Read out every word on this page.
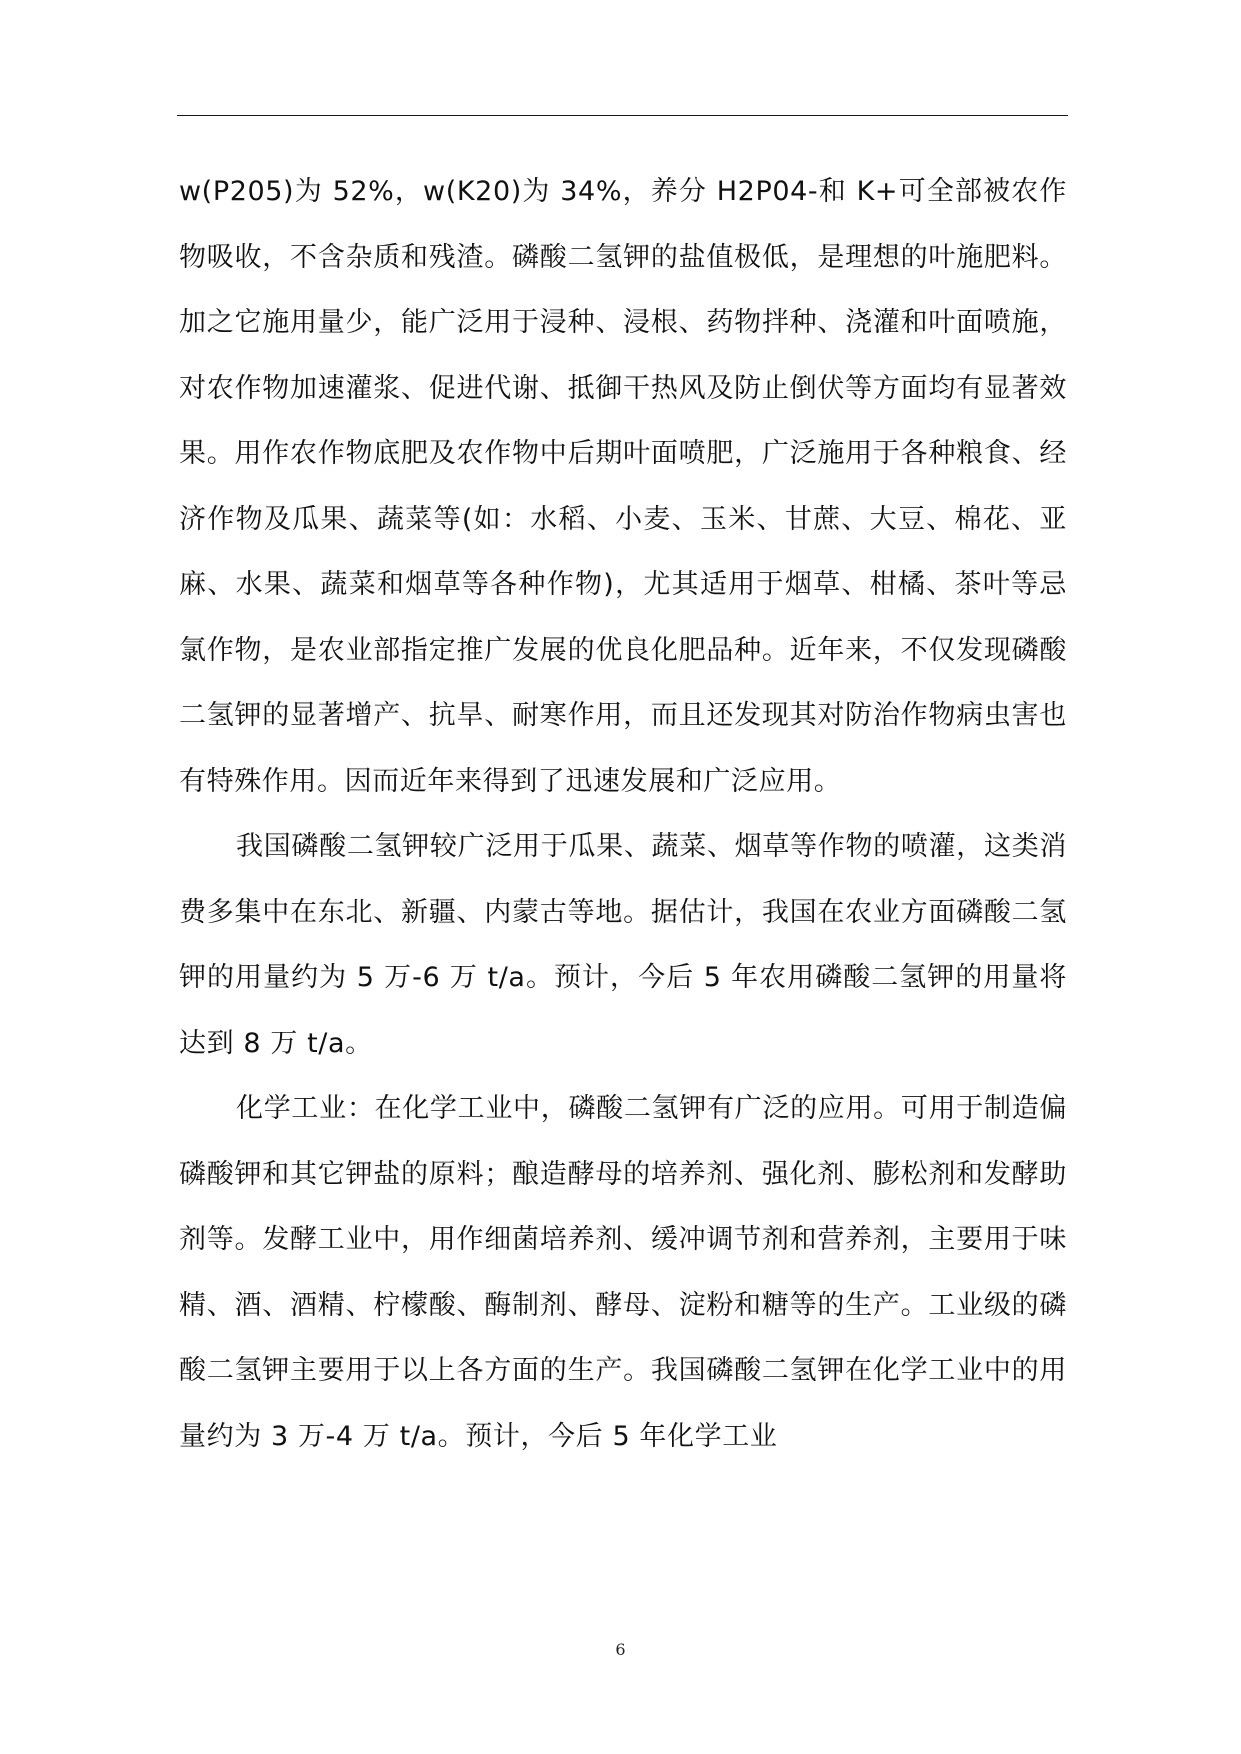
w(P205)为 52%，w(K20)为 34%，养分 H2P04-和 K+可全部被农作物吸收，不含杂质和残渣。磷酸二氢钾的盐值极低，是理想的叶施肥料。加之它施用量少，能广泛用于浸种、浸根、药物拌种、浇灌和叶面喷施，对农作物加速灌浆、促进代谢、抵御干热风及防止倒伏等方面均有显著效果。用作农作物底肥及农作物中后期叶面喷肥，广泛施用于各种粮食、经济作物及瓜果、蔬菜等(如：水稻、小麦、玉米、甘蔗、大豆、棉花、亚麻、水果、蔬菜和烟草等各种作物)，尤其适用于烟草、柑橘、茶叶等忌氯作物，是农业部指定推广发展的优良化肥品种。近年来，不仅发现磷酸二氢钾的显著增产、抗旱、耐寒作用，而且还发现其对防治作物病虫害也有特殊作用。因而近年来得到了迅速发展和广泛应用。

我国磷酸二氢钾较广泛用于瓜果、蔬菜、烟草等作物的喷灌，这类消费多集中在东北、新疆、内蒙古等地。据估计，我国在农业方面磷酸二氢钾的用量约为 5 万-6 万 t/a。预计，今后 5 年农用磷酸二氢钾的用量将达到 8 万 t/a。

化学工业：在化学工业中，磷酸二氢钾有广泛的应用。可用于制造偏磷酸钾和其它钾盐的原料；酿造酵母的培养剂、强化剂、膨松剂和发酵助剂等。发酵工业中，用作细菌培养剂、缓冲调节剂和营养剂，主要用于味精、酒、酒精、柠檬酸、酶制剂、酵母、淀粉和糖等的生产。工业级的磷酸二氢钾主要用于以上各方面的生产。我国磷酸二氢钾在化学工业中的用量约为 3 万-4 万 t/a。预计，今后 5 年化学工业

6
